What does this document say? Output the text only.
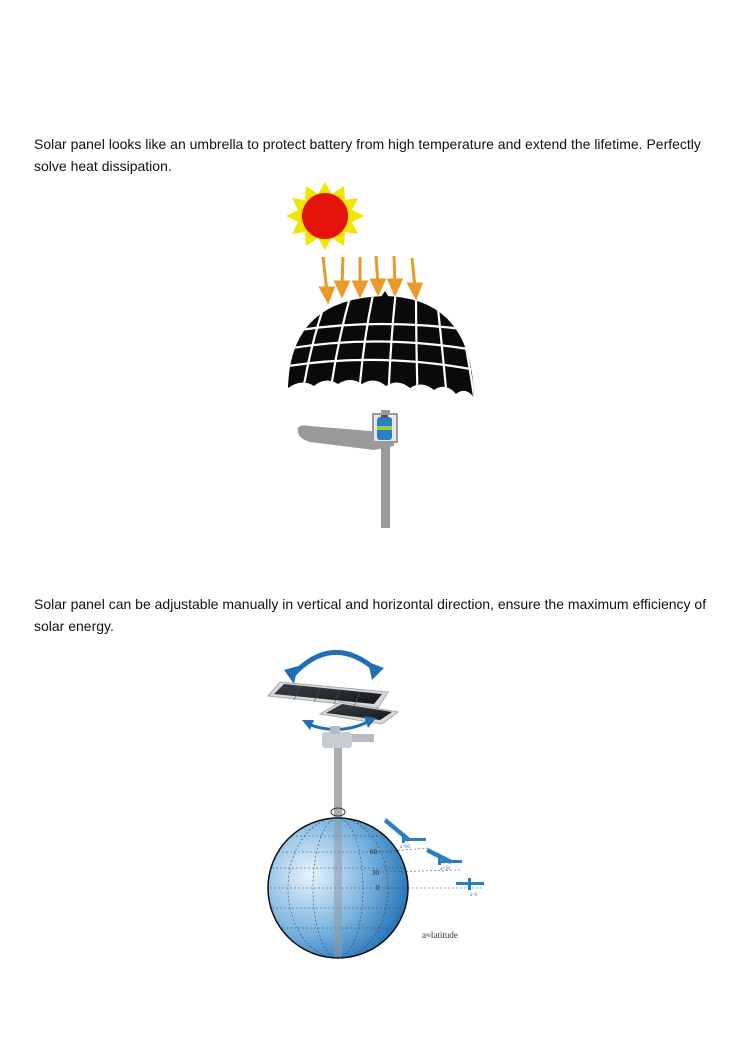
Solar panel looks like an umbrella to protect battery from high temperature and extend the lifetime. Perfectly solve heat dissipation.

Solar panel can be adjustable manually in vertical and horizontal direction, ensure the maximum efficiency of solar energy.

60
30
0
a=60
a=30
a=0
a≈latitude
